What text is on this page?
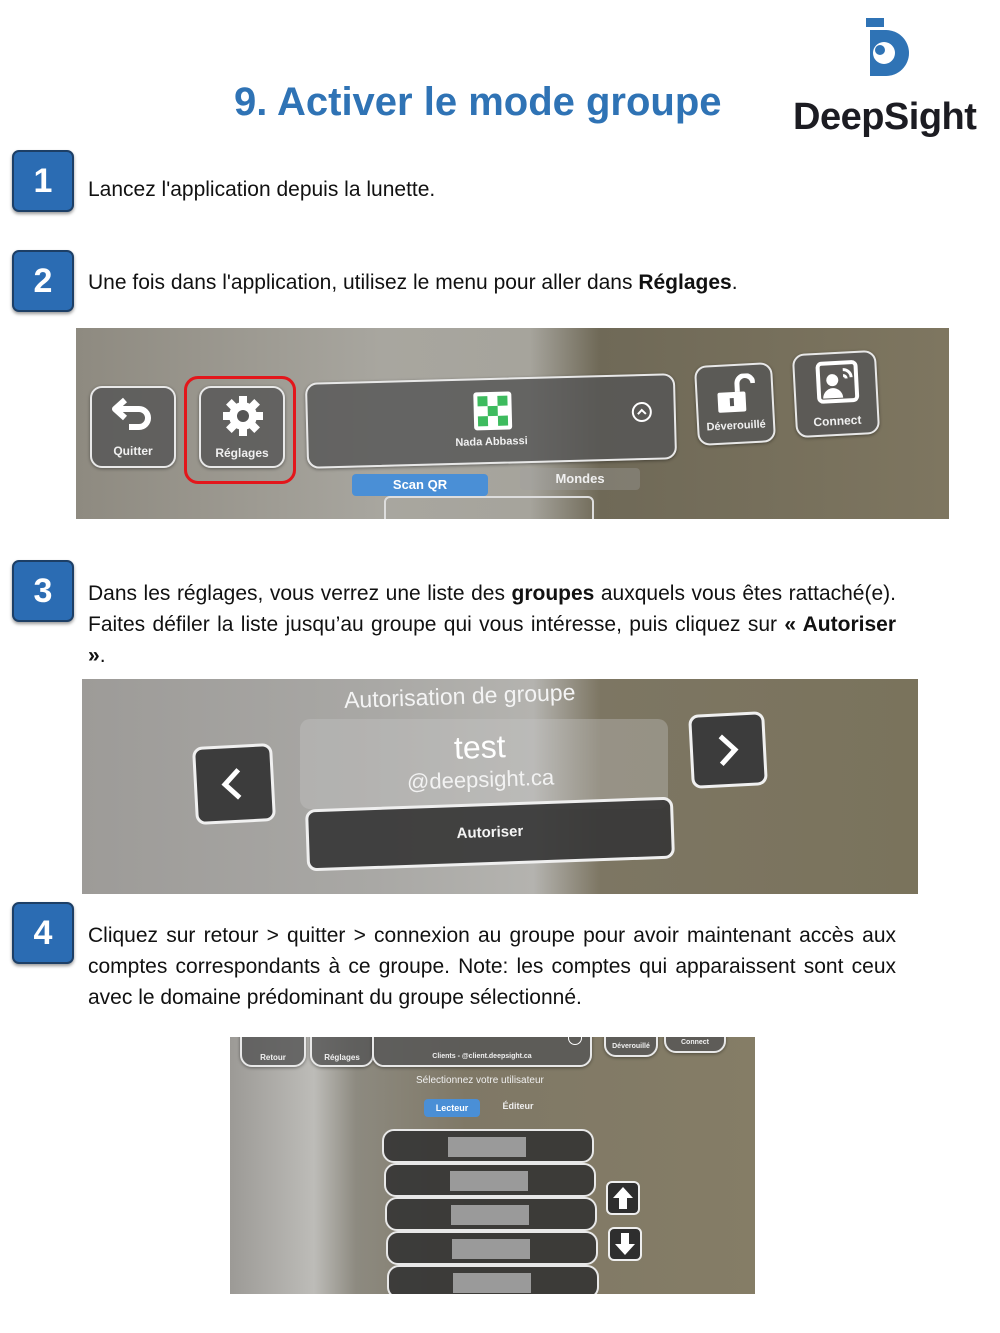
9. Activer le mode groupe DeepSight
1	Lancez l'application depuis la lunette.
2	Une fois dans l'application, utilisez le menu pour aller dans Réglages.
Quitter	Réglages
Nada Abbassi
Déverouillé	Connect
Scan QR	Mondes
3	Dans les réglages, vous verrez une liste des groupes auxquels vous êtes rattaché(e). Faites défiler la liste jusqu’au groupe qui vous intéresse, puis cliquez sur « Autoriser ».
Autorisation de groupe
test
@deepsight.ca
Autoriser
4	Cliquez sur retour > quitter > connexion au groupe pour avoir maintenant accès aux comptes correspondants à ce groupe. Note: les comptes qui apparaissent sont ceux avec le domaine prédominant du groupe sélectionné.
Retour	Réglages	Clients - @client.deepsight.ca
Déverouillé
Connect
Sélectionnez votre utilisateur
Lecteur	Éditeur
